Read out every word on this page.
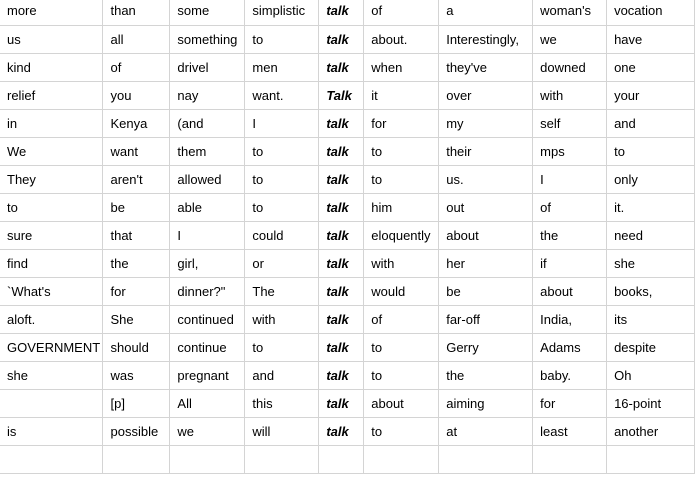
more	than	some	simplistic	talk	of	a	woman's	vocation
us	all	something	to	talk	about.	Interestingly,	we	have
kind	of	drivel	men	talk	when	they've	downed	one
relief	you	nay	want.	Talk	it	over	with	your
in	Kenya	(and	I	talk	for	my	self	and
We	want	them	to	talk	to	their	mps	to
They	aren't	allowed	to	talk	to	us.	I	only
to	be	able	to	talk	him	out	of	it.
sure	that	I	could	talk	eloquently	about	the	need
find	the	girl,	or	talk	with	her	if	she
`What's	for	dinner?"	The	talk	would	be	about	books,
aloft.	She	continued	with	talk	of	far-off	India,	its
GOVERNMENT	should	continue	to	talk	to	Gerry	Adams	despite
she	was	pregnant	and	talk	to	the	baby.	Oh
	[p]	All	this	talk	about	aiming	for	16-point
is	possible	we	will	talk	to	at	least	another
